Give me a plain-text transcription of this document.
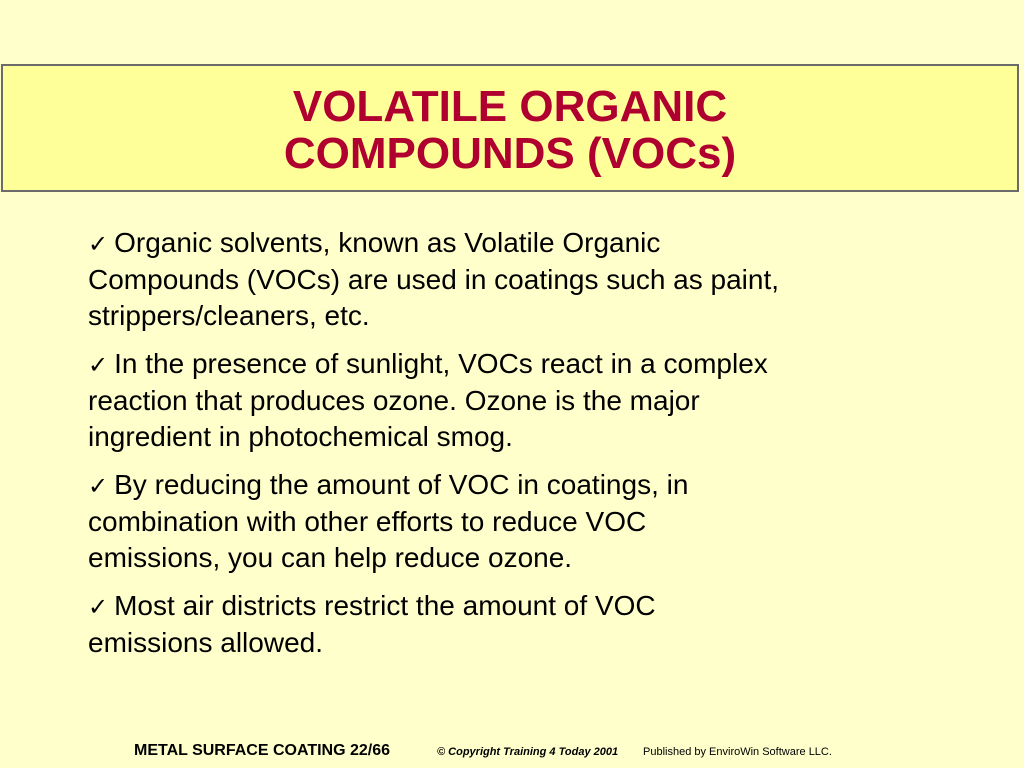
VOLATILE ORGANIC
COMPOUNDS (VOCs)
✓ Organic solvents, known as Volatile Organic
Compounds (VOCs) are used in coatings such as paint,
strippers/cleaners, etc.
✓ In the presence of sunlight, VOCs react in a complex
reaction that produces ozone. Ozone is the major
ingredient in photochemical smog.
✓ By reducing the amount of VOC in coatings, in
combination with other efforts to reduce VOC
emissions, you can help reduce ozone.
✓ Most air districts restrict the amount of VOC
emissions allowed.
METAL SURFACE COATING 22/66	© Copyright Training 4 Today 2001 Published by EnviroWin Software LLC.
